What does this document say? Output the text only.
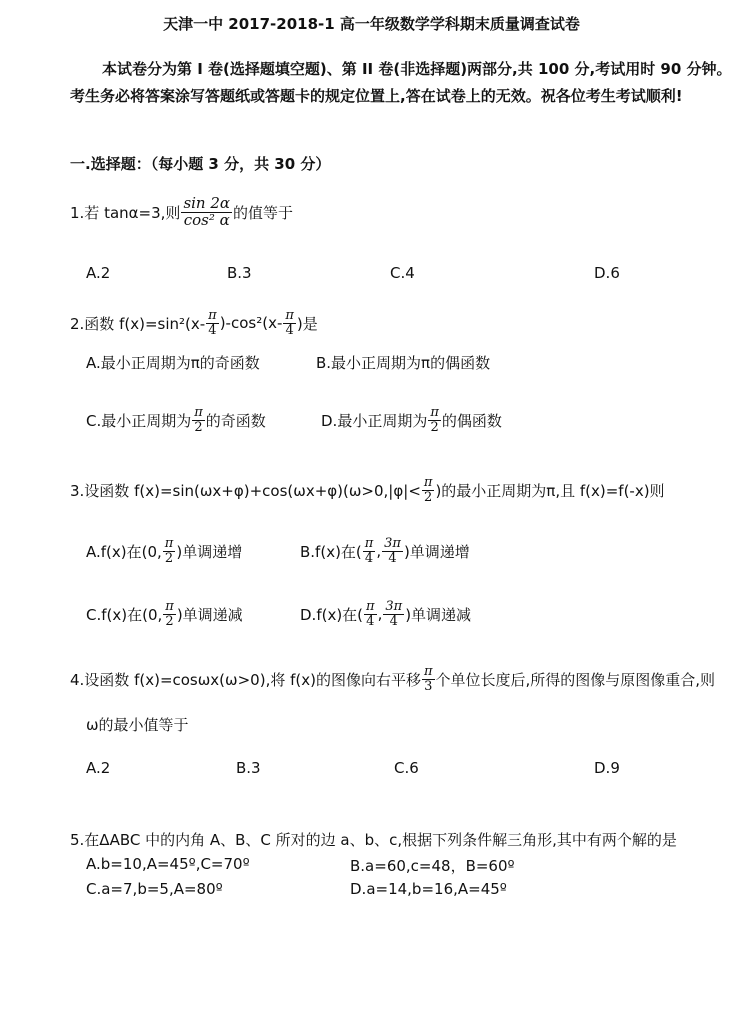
天津一中 2017-2018-1 高一年级数学学科期末质量调查试卷
本试卷分为第 I 卷(选择题填空题)、第 II 卷(非选择题)两部分,共 100 分,考试用时 90 分钟。
考生务必将答案涂写答题纸或答题卡的规定位置上,答在试卷上的无效。祝各位考生考试顺利!
一.选择题：（每小题 3 分，共 30 分）
1.若 tanα=3,则 $\frac{\sin 2\alpha}{\text{cos² α}}$ 的值等于
A.2	B.3	C.4	D.6
2.函数 $f(x)=\sin^2(x- \frac{\pi}{4} )-\cos^2(x- \frac{\pi}{4}$ )是
A.最小正周期为π的奇函数	B.最小正周期为π的偶函数
C.最小正周期为 $\frac{\pi}{2}$ 的奇函数	D.最小正周期为 $\frac{\pi}{2}$ 的偶函数
3.设函数 $f(x)=\sin(\omega x+\varphi)+\cos(\omega x+\varphi)(\omega>0,|\varphi|< \frac{\pi}{2}$ )的最小正周期为π,且 f(x)=f(-x)则
A.f(x)在(0, $\frac{\pi}{2}$ )单调递增	B.f(x)在( $\frac{\pi}{4}$ , $\frac{3\pi}{4}$ )单调递增
C.f(x)在(0, $\frac{\pi}{2}$ )单调递减	D.f(x)在( $\frac{\pi}{4}$ , $\frac{3\pi}{4}$ )单调递减
4.设函数 f(x)=cosωx(ω>0),将 f(x)的图像向右平移 $\frac{\pi}{3}$ 个单位长度后,所得的图像与原图像重合,则
ω的最小值等于
A.2	B.3	C.6	D.9
5.在ΔABC 中的内角 A、B、C 所对的边 a、b、c,根据下列条件解三角形,其中有两个解的是
A.b=10,A=45º,C=70º	B.a=60,c=48，B=60º
C.a=7,b=5,A=80º	D.a=14,b=16,A=45º
